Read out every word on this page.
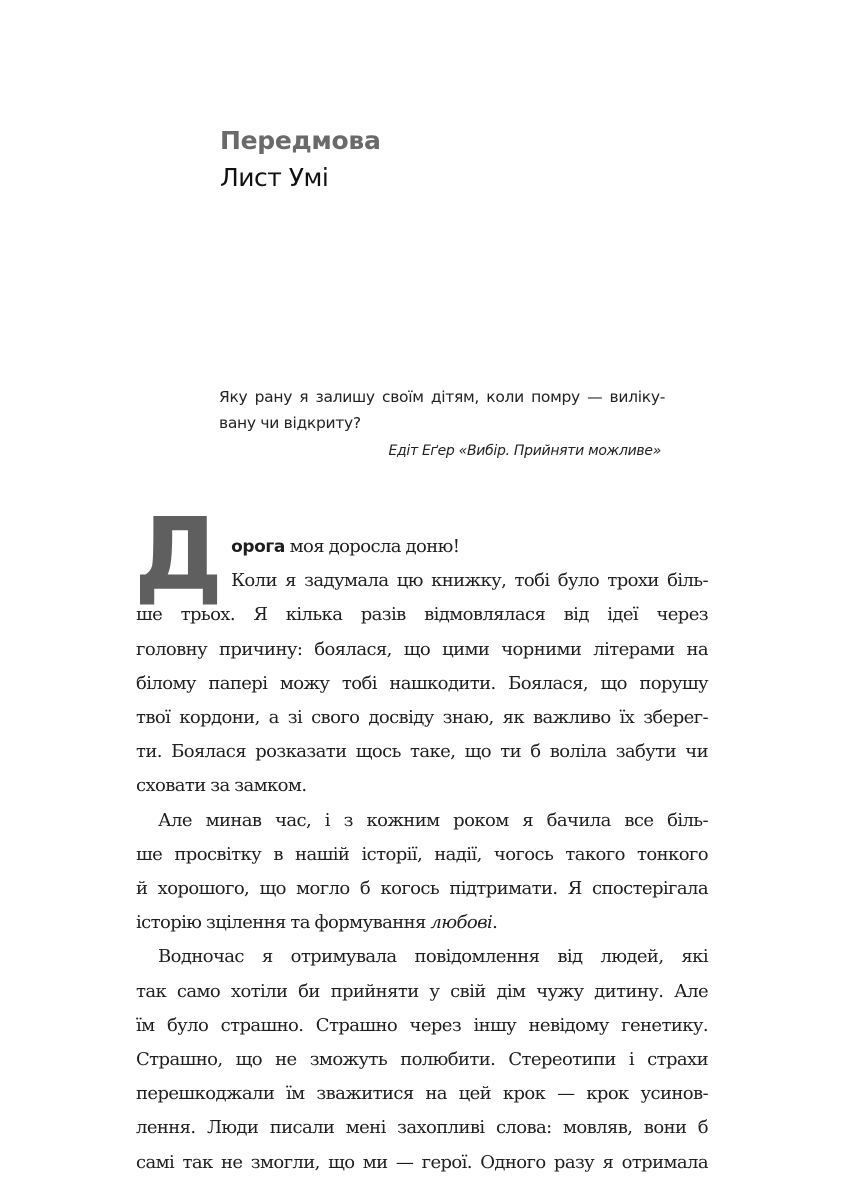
Передмова
Лист Умі
Яку рану я залишу своїм дітям, коли помру — виліку-
вану чи відкриту?
Едіт Еґер «Вибір. Прийняти можливе»

Д орога моя доросла доню!
Коли я задумала цю книжку, тобі було трохи біль-
ше трьох. Я кілька разів відмовлялася від ідеї через
головну причину: боялася, що цими чорними літерами на
білому папері можу тобі нашкодити. Боялася, що порушу
твої кордони, а зі свого досвіду знаю, як важливо їх зберег-
ти. Боялася розказати щось таке, що ти б воліла забути чи
сховати за замком.

Але минав час, і з кожним роком я бачила все біль-
ше просвітку в нашій історії, надії, чогось такого тонкого
й хорошого, що могло б когось підтримати. Я спостерігала
історію зцілення та формування любові.

Водночас я отримувала повідомлення від людей, які
так само хотіли би прийняти у свій дім чужу дитину. Але
їм було страшно. Страшно через іншу невідому генетику.
Страшно, що не зможуть полюбити. Стереотипи і страхи
перешкоджали їм зважитися на цей крок — крок усинов-
лення. Люди писали мені захопливі слова: мовляв, вони б
самі так не змогли, що ми — герої. Одного разу я отримала
